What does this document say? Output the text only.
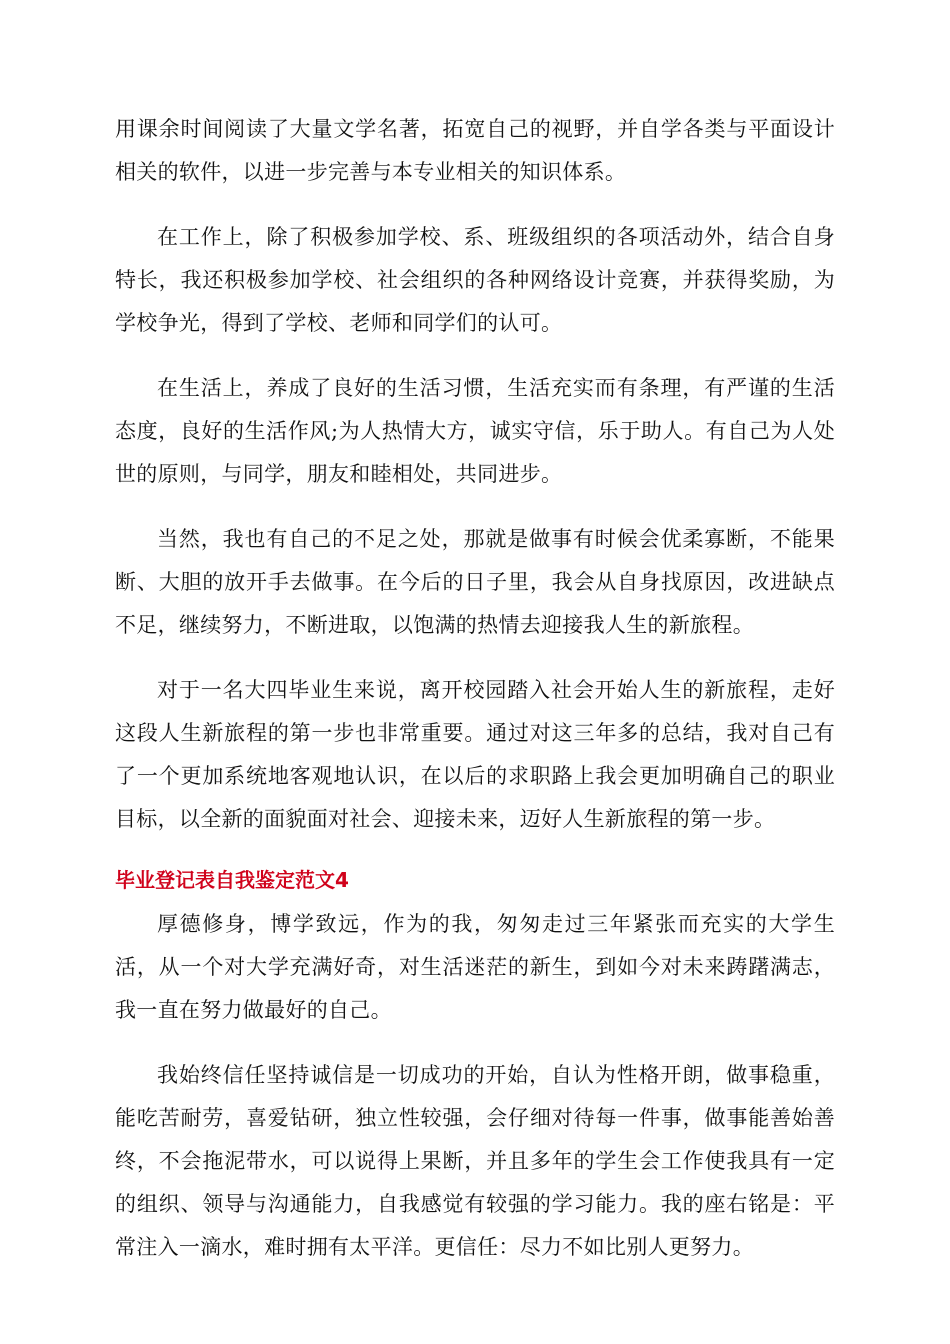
用课余时间阅读了大量文学名著，拓宽自己的视野，并自学各类与平面设计相关的软件，以进一步完善与本专业相关的知识体系。

在工作上，除了积极参加学校、系、班级组织的各项活动外，结合自身特长，我还积极参加学校、社会组织的各种网络设计竞赛，并获得奖励，为学校争光，得到了学校、老师和同学们的认可。

在生活上，养成了良好的生活习惯，生活充实而有条理，有严谨的生活态度，良好的生活作风;为人热情大方，诚实守信，乐于助人。有自己为人处世的原则，与同学，朋友和睦相处，共同进步。

当然，我也有自己的不足之处，那就是做事有时候会优柔寡断，不能果断、大胆的放开手去做事。在今后的日子里，我会从自身找原因，改进缺点不足，继续努力，不断进取，以饱满的热情去迎接我人生的新旅程。

对于一名大四毕业生来说，离开校园踏入社会开始人生的新旅程，走好这段人生新旅程的第一步也非常重要。通过对这三年多的总结，我对自己有了一个更加系统地客观地认识，在以后的求职路上我会更加明确自己的职业目标，以全新的面貌面对社会、迎接未来，迈好人生新旅程的第一步。

毕业登记表自我鉴定范文4

厚德修身，博学致远，作为的我，匆匆走过三年紧张而充实的大学生活，从一个对大学充满好奇，对生活迷茫的新生，到如今对未来踌躇满志，我一直在努力做最好的自己。

我始终信任坚持诚信是一切成功的开始，自认为性格开朗，做事稳重，能吃苦耐劳，喜爱钻研，独立性较强，会仔细对待每一件事，做事能善始善终，不会拖泥带水，可以说得上果断，并且多年的学生会工作使我具有一定的组织、领导与沟通能力，自我感觉有较强的学习能力。我的座右铭是：平常注入一滴水，难时拥有太平洋。更信任：尽力不如比别人更努力。
